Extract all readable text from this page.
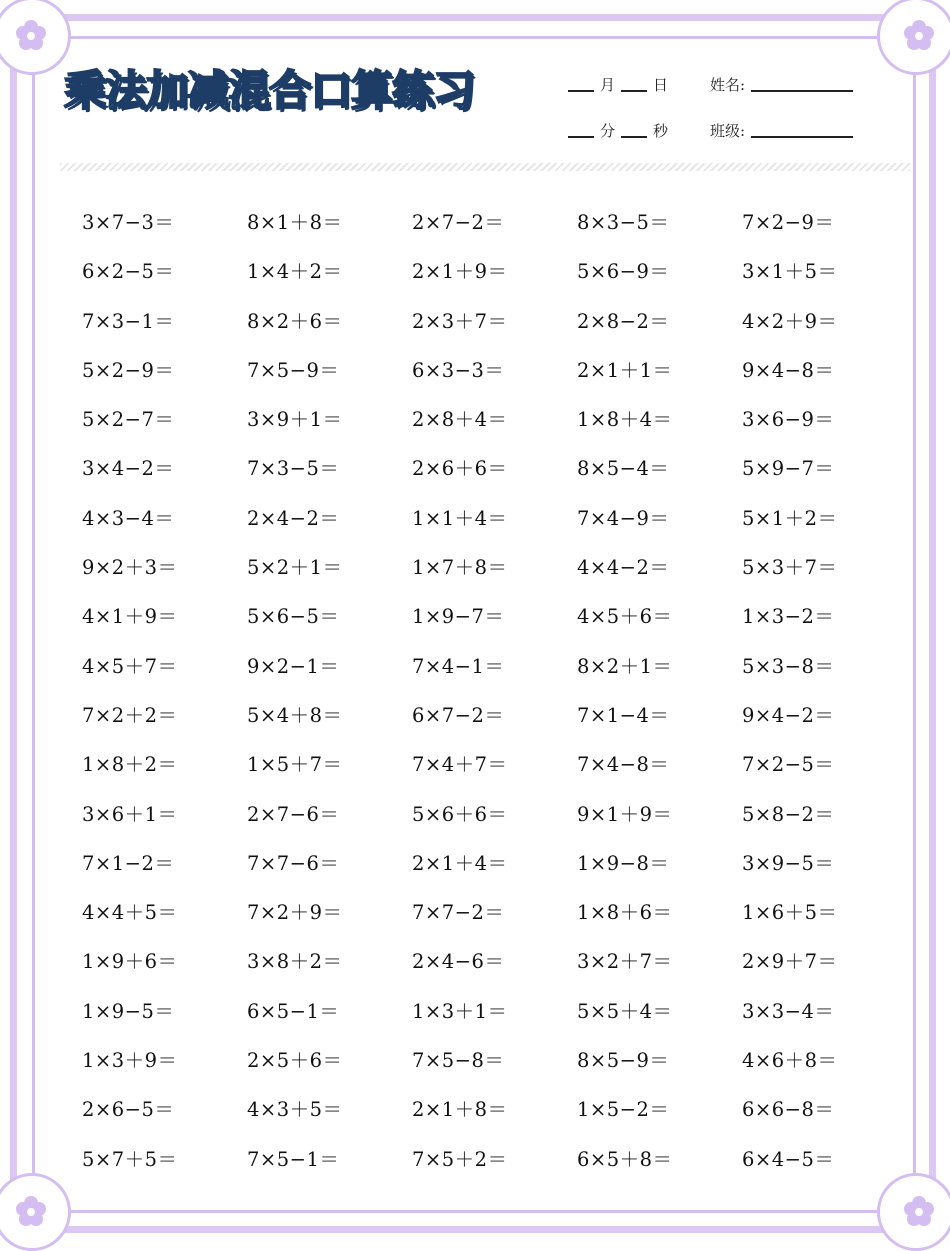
乘法加减混合口算练习	月	日
分	秒
姓名:
班级:
3×7−3＝	8×1＋8＝	2×7−2＝	8×3−5＝	7×2−9＝
6×2−5＝	1×4＋2＝	2×1＋9＝	5×6−9＝	3×1＋5＝
7×3−1＝	8×2＋6＝	2×3＋7＝	2×8−2＝	4×2＋9＝
5×2−9＝	7×5−9＝	6×3−3＝	2×1＋1＝	9×4−8＝
5×2−7＝	3×9＋1＝	2×8＋4＝	1×8＋4＝	3×6−9＝
3×4−2＝	7×3−5＝	2×6＋6＝	8×5−4＝	5×9−7＝
4×3−4＝	2×4−2＝	1×1＋4＝	7×4−9＝	5×1＋2＝
9×2＋3＝	5×2＋1＝	1×7＋8＝	4×4−2＝	5×3＋7＝
4×1＋9＝	5×6−5＝	1×9−7＝	4×5＋6＝	1×3−2＝
4×5＋7＝	9×2−1＝	7×4−1＝	8×2＋1＝	5×3−8＝
7×2＋2＝	5×4＋8＝	6×7−2＝	7×1−4＝	9×4−2＝
1×8＋2＝	1×5＋7＝	7×4＋7＝	7×4−8＝	7×2−5＝
3×6＋1＝	2×7−6＝	5×6＋6＝	9×1＋9＝	5×8−2＝
7×1−2＝	7×7−6＝	2×1＋4＝	1×9−8＝	3×9−5＝
4×4＋5＝	7×2＋9＝	7×7−2＝	1×8＋6＝	1×6＋5＝
1×9＋6＝	3×8＋2＝	2×4−6＝	3×2＋7＝	2×9＋7＝
1×9−5＝	6×5−1＝	1×3＋1＝	5×5＋4＝	3×3−4＝
1×3＋9＝	2×5＋6＝	7×5−8＝	8×5−9＝	4×6＋8＝
2×6−5＝	4×3＋5＝	2×1＋8＝	1×5−2＝	6×6−8＝
5×7＋5＝	7×5−1＝	7×5＋2＝	6×5＋8＝	6×4−5＝
